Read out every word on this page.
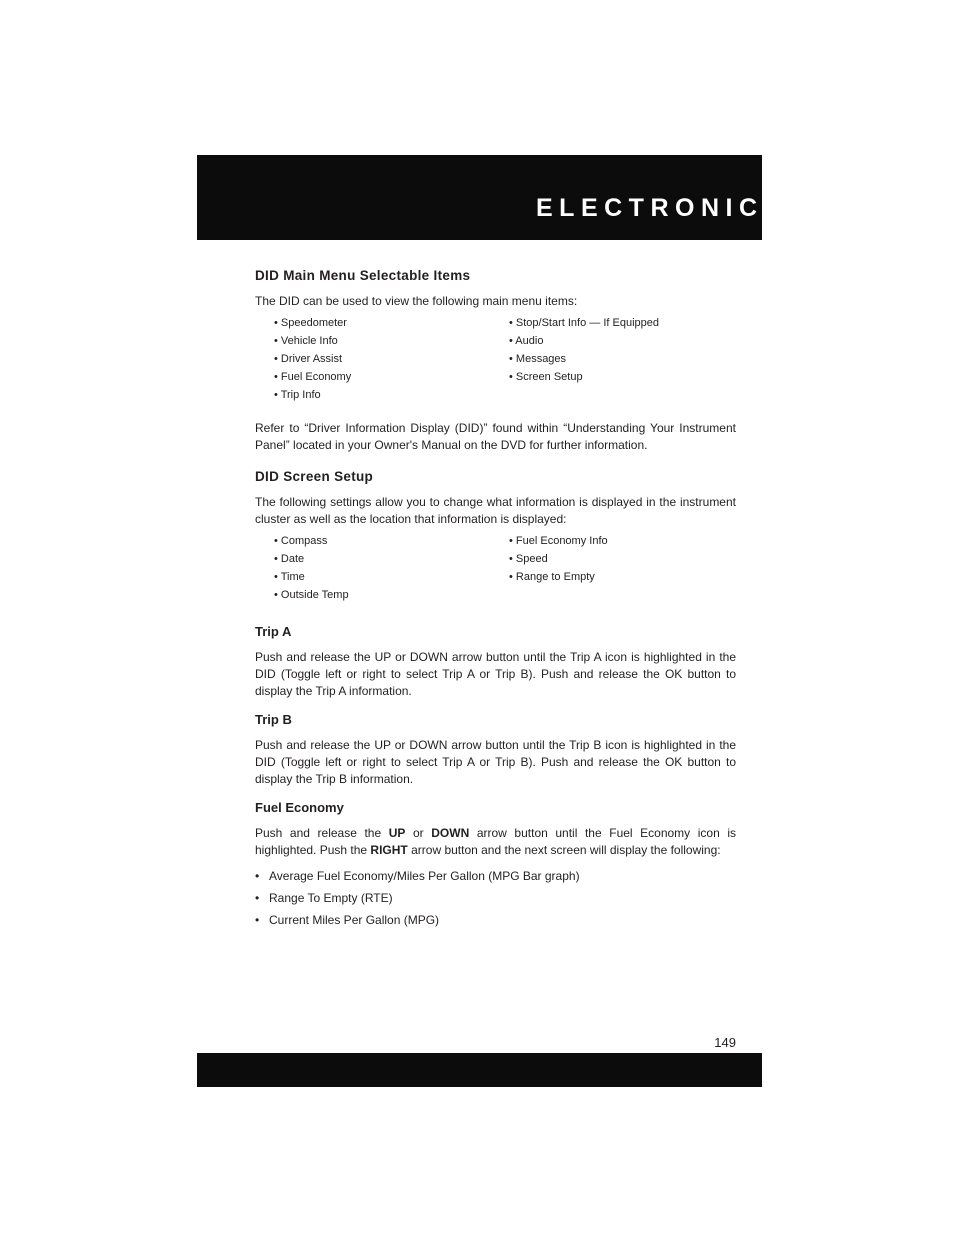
ELECTRONICS
DID Main Menu Selectable Items

The DID can be used to view the following main menu items:

• Speedometer	• Stop/Start Info — If Equipped
• Vehicle Info	• Audio
• Driver Assist	• Messages
• Fuel Economy	• Screen Setup
• Trip Info

Refer to “Driver Information Display (DID)” found within “Understanding Your Instrument Panel” located in your Owner's Manual on the DVD for further information.

DID Screen Setup

The following settings allow you to change what information is displayed in the instrument cluster as well as the location that information is displayed:

• Compass	• Fuel Economy Info
• Date	• Speed
• Time	• Range to Empty
• Outside Temp
Trip A

Push and release the UP or DOWN arrow button until the Trip A icon is highlighted in the DID (Toggle left or right to select Trip A or Trip B). Push and release the OK button to display the Trip A information.

Trip B

Push and release the UP or DOWN arrow button until the Trip B icon is highlighted in the DID (Toggle left or right to select Trip A or Trip B). Push and release the OK button to display the Trip B information.

Fuel Economy

Push and release the UP or DOWN arrow button until the Fuel Economy icon is highlighted. Push the RIGHT arrow button and the next screen will display the following:

• Average Fuel Economy/Miles Per Gallon (MPG Bar graph)
• Range To Empty (RTE)
• Current Miles Per Gallon (MPG)
149
